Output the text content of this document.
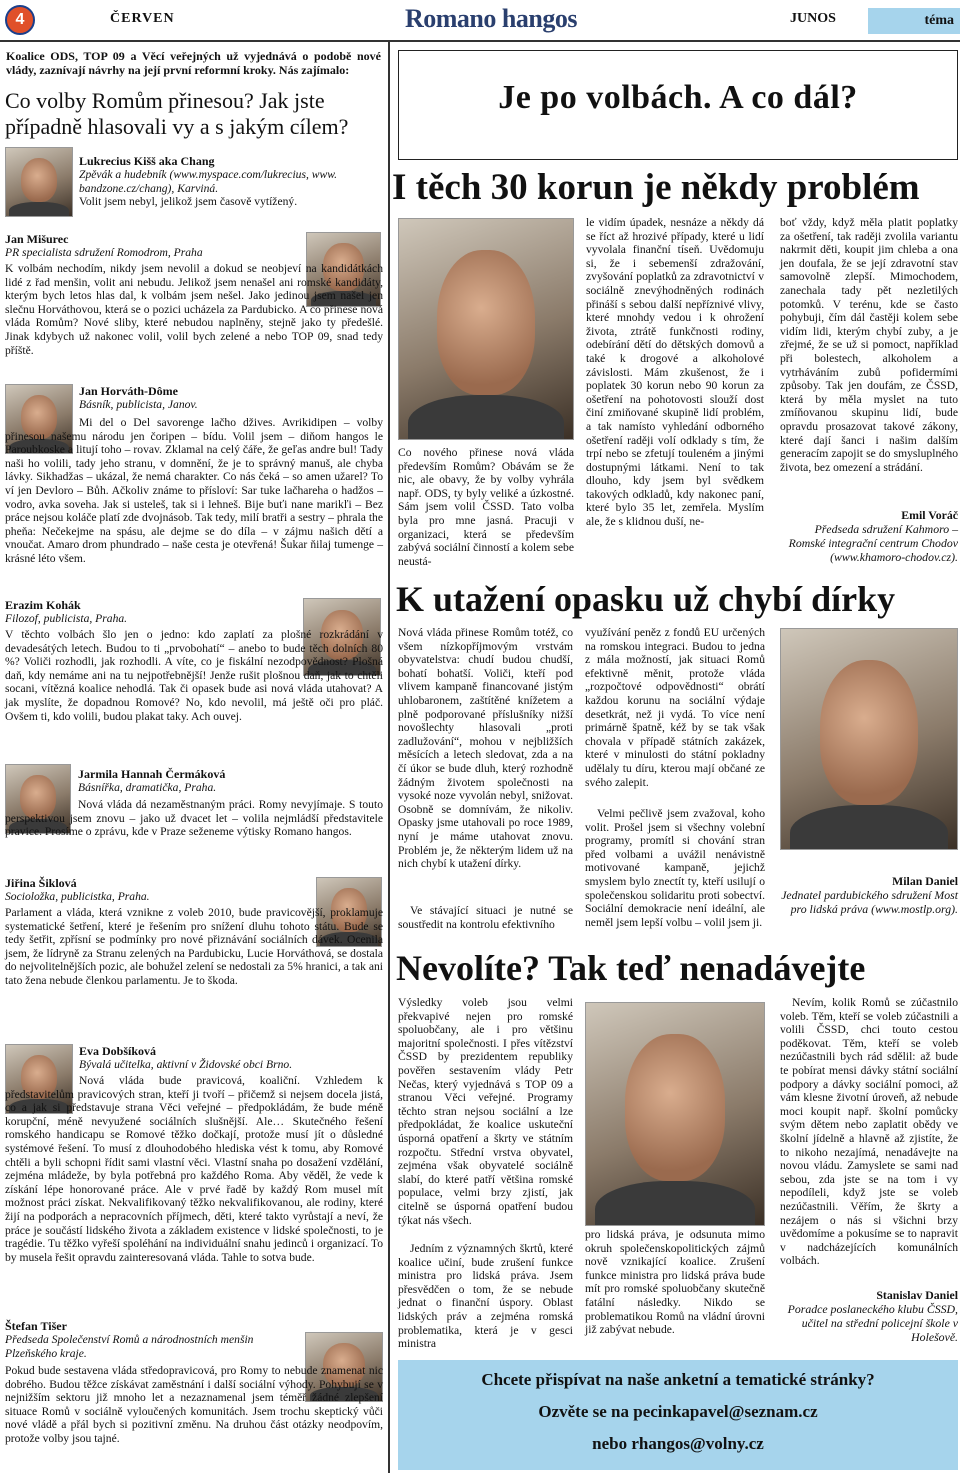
4	ČERVEN	Romano hangos	JUNOS	téma
Koalice ODS, TOP 09 a Věcí veřejných už vyjednává o podobě nové vlády, zaznívají návrhy na její první reformní kroky. Nás zajímalo:
Co volby Romům přinesou? Jak jste případně hlasovali vy a s jakým cílem?
Lukrecius Kišš aka Chang
Zpěvák a hudebník (www.myspace.com/lukrecius, www. bandzone.cz/chang), Karviná.
Volit jsem nebyl, jelikož jsem časově vytížený.
Jan Mišurec
PR specialista sdružení Romodrom, Praha
K volbám nechodím, nikdy jsem nevolil a dokud se neobjeví na kandidátkách lidé z řad menšin, volit ani nebudu. Jelikož jsem nenašel ani romské kandidáty, kterým bych letos hlas dal, k volbám jsem nešel. Jako jedinou jsem našel jen slečnu Horváthovou, která se o pozici ucházela za Pardubicko. A co přinese nová vláda Romům? Nové sliby, které nebudou naplněny, stejně jako ty předešlé. Jinak kdybych už nakonec volil, volil bych zelené a nebo TOP 09, snad tedy příště.
Jan Horváth-Dôme
Básník, publicista, Janov.
Mi del o Del savorenge lačho džives. Avrikidipen – volby přinesou našemu národu jen čoripen – bídu. Volil jsem – diňom hangos le Paroubkoske a litují toho – rovav. Zklamal na celý čáře, že geľas andre bul! Tady naši ho volili, tady jeho stranu, v domnění, že je to správný manuš, ale chyba lávky. Sikhadžas – ukázal, že nemá charakter. Co nás čeká – so amen užarel? To ví jen Devloro – Bůh. Ačkoliv známe to přísloví: Sar tuke lačhareha o hadžos – vodro, avka soveha. Jak si usteleš, tak si i lehneš. Bije buťi nane marikľi – Bez práce nejsou koláče platí zde dvojnásob. Tak tedy, milí bratři a sestry – phrala the pheňa: Nečekejme na spásu, ale dejme se do díla – v zájmu našich dětí a vnoučat. Amaro drom phundrado – naše cesta je otevřená! Šukar ňilaj tumenge – krásné léto všem.
Erazim Kohák
Filozof, publicista, Praha.
V těchto volbách šlo jen o jedno: kdo zaplatí za plošné rozkrádání v devadesátých letech. Budou to ti „prvobohatí“ – anebo to bude těch dolních 80 %? Voliči rozhodli, jak rozhodli. A víte, co je fiskální nezodpovědnost? Plošná daň, kdy nemáme ani na tu nejpotřebnější! Jenže rušit plošnou daň, jak to chtěli socani, vítězná koalice nehodlá. Tak či opasek bude asi nová vláda utahovat? A jak myslíte, že dopadnou Romové? No, kdo nevolil, má ještě oči pro pláč. Ovšem ti, kdo volili, budou plakat taky. Ach ouvej.
Jarmila Hannah Čermáková
Básnířka, dramatička, Praha.
Nová vláda dá nezaměstnaným práci. Romy nevyjímaje. S touto perspektivou jsem znovu – jako už dvacet let – volila nejmládší představitele pravice. Prosíme o zprávu, kde v Praze seženeme výtisky Romano hangos.
Jiřina Šiklová
Socioložka, publicistka, Praha.
Parlament a vláda, která vznikne z voleb 2010, bude pravicovější, proklamuje systematické šetření, které je řešením pro snížení dluhu tohoto státu. Bude se tedy šetřit, zpřísní se podmínky pro nové přiznávání sociálních dávek. Ocenila jsem, že lídryně za Stranu zelených na Pardubicku, Lucie Horváthová, se dostala do nejvolitelnějších pozic, ale bohužel zelení se nedostali za 5% hranici, a tak ani tato žena nebude členkou parlamentu. Je to škoda.
Eva Dobšíková
Bývalá učitelka, aktivní v Židovské obci Brno.
Nová vláda bude pravicová, koaliční. Vzhledem k představitelům pravicových stran, kteří ji tvoří – přičemž si nejsem docela jistá, co a jak si představuje strana Věci veřejné – předpokládám, že bude méně korupční, méně nevyužené sociálních slušnější. Ale… Skutečného řešení romského handicapu se Romové těžko dočkají, protože musí jít o důsledné systémové řešení. To musí z dlouhodobého hlediska vést k tomu, aby Romové chtěli a byli schopni řídit sami vlastní věci. Vlastní snaha po dosažení vzdělání, zejména mládeže, by byla potřebná pro každého Roma. Aby věděl, že vede k získání lépe honorované práce. Ale v prvé řadě by každý Rom musel mít možnost práci získat. Nekvalifikovaný těžko nekvalifikovanou, ale rodiny, které žijí na podporách a nepracovních příjmech, děti, které takto vyrůstají a neví, že práce je součástí lidského života a základem existence v lidské společnosti, to je tragédie. Tu těžko vyřeší spoléhání na individuální snahu jedinců i organizací. To by musela řešit opravdu zainteresovaná vláda. Tahle to sotva bude.
Štefan Tišer
Předseda Společenství Romů a národnostních menšin Plzeňského kraje.
Pokud bude sestavena vláda středopravicová, pro Romy to nebude znamenat nic dobrého. Budou těžce získávat zaměstnání i další sociální výhody. Pohybují se v nejnižším sektoru již mnoho let a nezaznamenal jsem téměř žádné zlepšení situace Romů v sociálně vyloučených komunitách. Jsem trochu skeptický vůči nové vládě a přál bych si pozitivní změnu. Na druhou část otázky neodpovím, protože volby jsou tajné.
Je po volbách. A co dál?
I těch 30 korun je někdy problém
Co nového přinese nová vláda především Romům? Obávám se že nic, ale obavy, že by volby vyhrála např. ODS, ty byly veliké a úzkostné. Sám jsem volil ČSSD. Tato volba byla pro mne jasná. Pracuji v organizaci, která se především zabývá sociální činností a kolem sebe neustá-
le vidím úpadek, nesnáze a někdy dá se říct až hrozivé případy, které u lidí vyvolala finanční tíseň. Uvědomuju si, že i sebemenší zdražování, zvyšování poplatků za zdravotnictví v sociálně znevýhodněných rodinách přináší s sebou další nepříznivé vlivy, které mnohdy vedou i k ohrožení života, ztrátě funkčnosti rodiny, odebírání dětí do dětských domovů a také k drogové a alkoholové závislosti. Mám zkušenost, že i poplatek 30 korun nebo 90 korun za ošetření na pohotovosti slouží dost činí zmiňované skupině lidí problém, a tak namísto vyhledání odborného ošetření raději volí odklady s tím, že trpí nebo se zfetují touleném a jinými dostupnými látkami. Není to tak dlouho, kdy jsem byl svědkem takových odkladů, kdy nakonec paní, které bylo 35 let, zemřela. Myslím ale, že s klidnou duší, ne-
boť vždy, když měla platit poplatky za ošetření, tak raději zvolila variantu nakrmit děti, koupit jim chleba a ona jen doufala, že se její zdravotní stav samovolně zlepší. Mimochodem, zanechala tady pět nezletilých potomků. V terénu, kde se často pohybuji, čím dál častěji kolem sebe vidím lidi, kterým chybí zuby, a je zřejmé, že se už si pomoct, například při bolestech, alkoholem a vytrháváním zubů pofidermími způsoby. Tak jen doufám, ze ČSSD, která by měla myslet na tuto zmíňovanou skupinu lidí, bude opravdu prosazovat takové zákony, které dají šanci i našim dalším generacím zapojit se do smysluplného života, bez omezení a strádání.
Emil Voráč
Předseda sdružení Kahmoro – Romské integrační centrum Chodov (www.khamoro-chodov.cz).
K utažení opasku už chybí dírky
Nová vláda přinese Romům totéž, co všem nízkopříjmovým vrstvám obyvatelstva: chudí budou chudší, bohatí bohatší. Voliči, kteří pod vlivem kampaně financované jistým uhlobaronem, zaštítěné knížetem a plně podporované příslušníky nižší novošlechty hlasovali „proti zadlužování“, mohou v nejbližších měsících a letech sledovat, zda a na čí úkor se bude dluh, který rozhodně žádným životem společnosti na vysoké noze vyvolán nebyl, snižovat. Osobně se domnívám, že nikoliv. Opasky jsme utahovali po roce 1989, nyní je máme utahovat znovu. Problém je, že některým lidem už na nich chybí k utažení dírky.
Ve stávající situaci je nutné se soustředit na kontrolu efektivního
využívání peněz z fondů EU určených na romskou integraci. Budou to jedna z mála možností, jak situaci Romů efektivně měnit, protože vláda „rozpočtové odpovědnosti“ obrátí každou korunu na sociální výdaje desetkrát, než ji vydá. To více není primárně špatně, kéž by se tak však chovala v případě státních zakázek, které v minulosti do státní pokladny udělaly tu díru, kterou mají občané ze svého zalepit.
Velmi pečlivě jsem zvažoval, koho volit. Prošel jsem si všechny volební programy, promítl si chování stran před volbami a uvážil nenávistně motivované kampaně, jejichž smyslem bylo znectít ty, kteří usilují o společenskou solidaritu proti sobectví. Sociální demokracie není ideální, ale neměl jsem lepší volbu – volil jsem ji.
Milan Daniel
Jednatel pardubického sdružení Most pro lidská práva (www.mostlp.org).
Nevolíte? Tak teď nenadávejte
Výsledky voleb jsou velmi překvapivé nejen pro romské spoluobčany, ale i pro většinu majoritní společnosti. I přes vítězství ČSSD by prezidentem republiky pověřen sestavením vlády Petr Nečas, který vyjednává s TOP 09 a stranou Věci veřejné. Programy těchto stran nejsou sociální a lze předpokládat, že koalice uskuteční úsporná opatření a škrty ve státním rozpočtu. Střední vrstva obyvatel, zejména však obyvatelé sociálně slabí, do které patří většina romské populace, velmi brzy zjistí, jak citelně se úsporná opatření budou týkat nás všech.
Jedním z významných škrtů, které koalice učiní, bude zrušení funkce ministra pro lidská práva. Jsem přesvědčen o tom, že se nebude jednat o finanční úspory. Oblast lidských práv a zejména romská problematika, která je v gesci ministra
pro lidská práva, je odsunuta mimo okruh společenskopolitických zájmů nově vznikající koalice. Zrušení funkce ministra pro lidská práva bude mít pro romské spoluobčany skutečně fatální následky. Nikdo se problematikou Romů na vládní úrovni již zabývat nebude.
Nevím, kolik Romů se zúčastnilo voleb. Těm, kteří se voleb zúčastnili a volili ČSSD, chci touto cestou poděkovat. Těm, kteří se voleb nezúčastnili bych rád sdělil: až bude te pobírat mensi dávky státní sociální podpory a dávky sociální pomoci, až vám klesne životní úroveň, až nebude moci koupit např. školní pomůcky svým dětem nebo zaplatit obědy ve školní jídelně a hlavně až zjistíte, že to nikoho nezajímá, nenadávejte na novou vládu. Zamyslete se sami nad sebou, zda jste se na tom i vy nepodíleli, když jste se voleb nezúčastnili. Věřím, že škrty a nezájem o nás si všichni brzy uvědomíme a pokusíme se to napravit v nadcházejících komunálních volbách.
Stanislav Daniel
Poradce poslaneckého klubu ČSSD, učitel na střední policejní škole v Holešově.
Chcete přispívat na naše anketní a tematické stránky?
Ozvěte se na pecinkapavel@seznam.cz
nebo rhangos@volny.cz
